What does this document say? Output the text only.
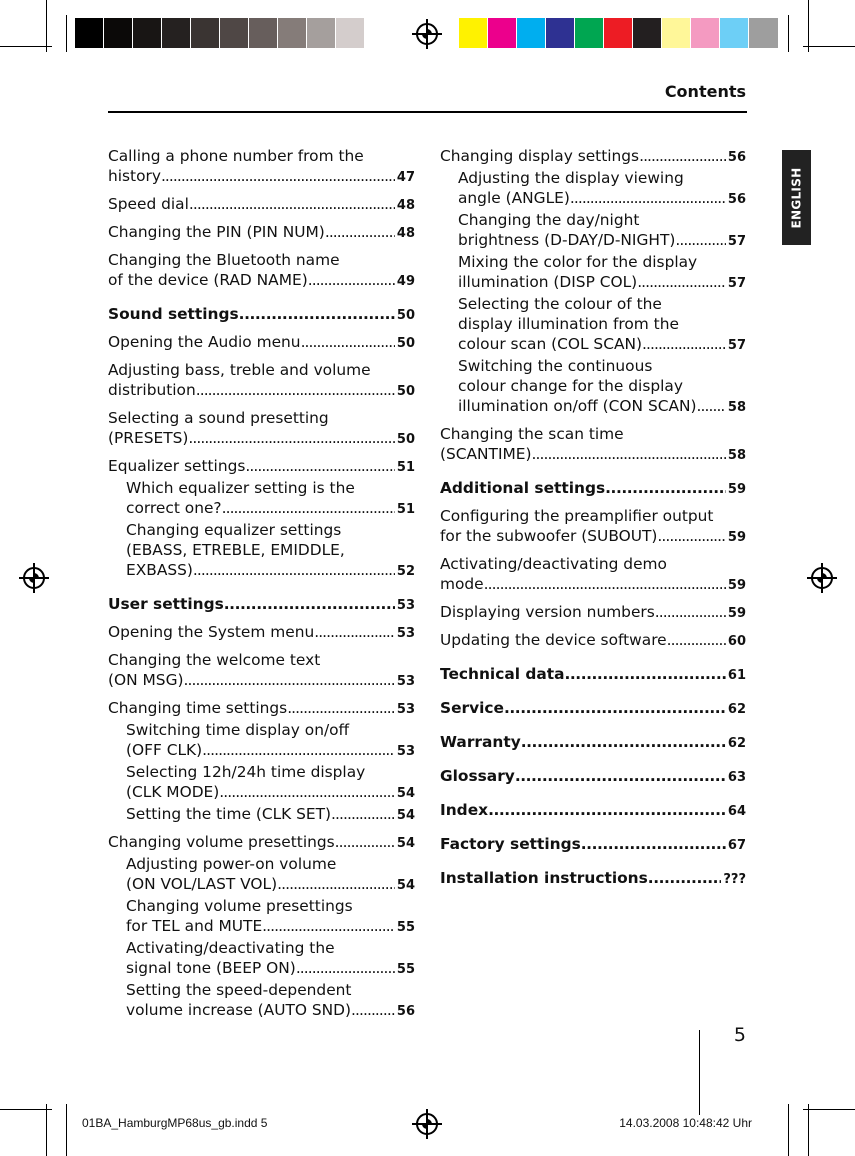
Contents
ENGLISH
Calling a phone number from the
history . . .	47
Speed dial . . .	48
Changing the PIN (PIN NUM) . . .	48
Changing the Bluetooth name
of the device (RAD NAME) . . .	49
Sound settings . . .	50
Opening the Audio menu . . .	50
Adjusting bass, treble and volume
distribution . . .	50
Selecting a sound presetting
(PRESETS) . . .	50
Equalizer settings . . .	51
Which equalizer setting is the
correct one? . . .	51
Changing equalizer settings
(EBASS, ETREBLE, EMIDDLE,
EXBASS) . . .	52
User settings . . .	53
Opening the System menu . . .	53
Changing the welcome text
(ON MSG) . . .	53
Changing time settings . . .	53
Switching time display on/off
(OFF CLK) . . .	53
Selecting 12h/24h time display
(CLK MODE) . . .	54
Setting the time (CLK SET) . . .	54
Changing volume presettings . . .	54
Adjusting power-on volume
(ON VOL/LAST VOL) . . .	54
Changing volume presettings
for TEL and MUTE . . .	55
Activating/deactivating the
signal tone (BEEP ON) . . .	55
Setting the speed-dependent
volume increase (AUTO SND) . . .	56
Changing display settings . . .	56
Adjusting the display viewing
angle (ANGLE) . . .	56
Changing the day/night
brightness (D-DAY/D-NIGHT) . . .	57
Mixing the color for the display
illumination (DISP COL) . . .	57
Selecting the colour of the
display illumination from the
colour scan (COL SCAN) . . .	57
Switching the continuous
colour change for the display
illumination on/off (CON SCAN) . . . 58
Changing the scan time
(SCANTIME) . . .	58
Additional settings . . .	59
Configuring the preamplifier output
for the subwoofer (SUBOUT) . . .	59
Activating/deactivating demo
mode . . .	59
Displaying version numbers . . .	59
Updating the device software . . .	60
Technical data . . .	61
Service . . .	62
Warranty . . .	62
Glossary . . .	63
Index . . .	64
Factory settings . . .	67
Installation instructions . . .	???
5
01BA_HamburgMP68us_gb.indd 5	14.03.2008 10:48:42 Uhr
